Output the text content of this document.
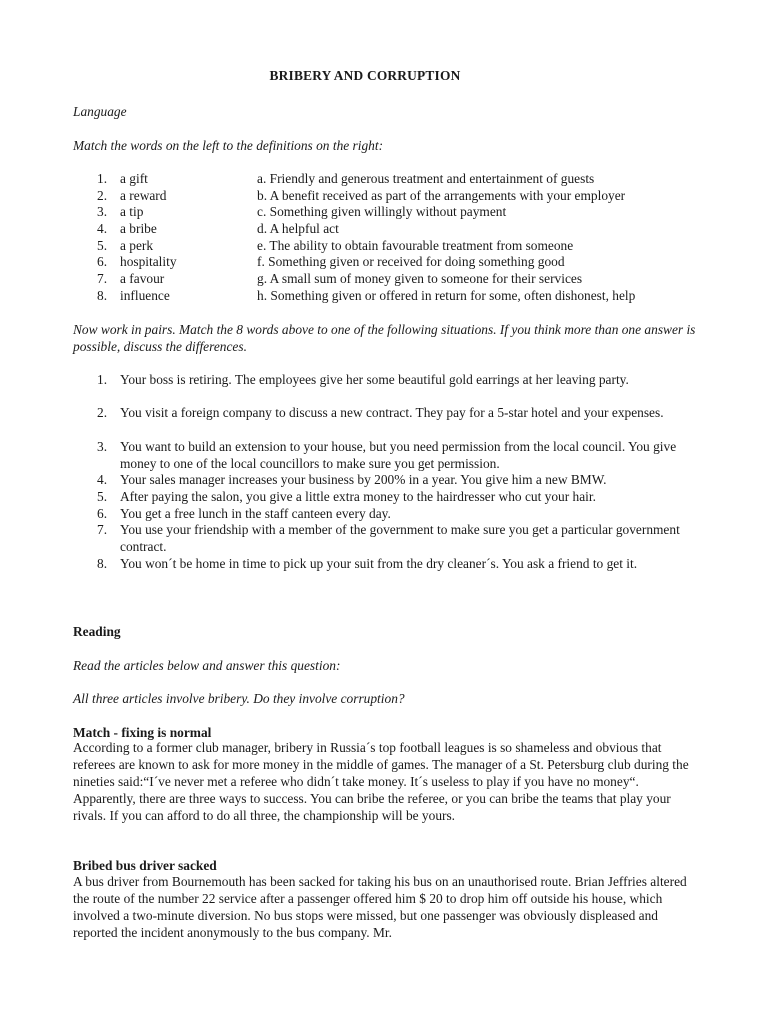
BRIBERY AND CORRUPTION
Language
Match the words on the left to the definitions on the right:
1. a gift	a. Friendly and generous treatment and entertainment of guests
2. a reward	b. A benefit received as part of the arrangements with your employer
3. a tip	c. Something given willingly without payment
4. a bribe	d. A helpful act
5. a perk	e. The ability to obtain favourable treatment from someone
6. hospitality	f. Something given or received for doing something good
7. a favour	g. A small sum of money given to someone for their services
8. influence	h. Something given or offered in return for some, often dishonest, help
Now work in pairs. Match the 8 words above to one of the following situations. If you think more than one answer is possible, discuss the differences.
1. Your boss is retiring. The employees give her some beautiful gold earrings at her leaving party.
2. You visit a foreign company to discuss a new contract. They pay for a 5-star hotel and your expenses.
3. You want to build an extension to your house, but you need permission from the local council. You give money to one of the local councillors to make sure you get permission.
4. Your sales manager increases your business by 200% in a year. You give him a new BMW.
5. After paying the salon, you give a little extra money to the hairdresser who cut your hair.
6. You get a free lunch in the staff canteen every day.
7. You use your friendship with a member of the government to make sure you get a particular government contract.
8. You won´t be home in time to pick up your suit from the dry cleaner´s. You ask a friend to get it.
Reading
Read the articles below and answer this question:
All three articles involve bribery. Do they involve corruption?
Match - fixing is normal
According to a former club manager, bribery in Russia´s top football leagues is so shameless and obvious that referees are known to ask for more money in the middle of games. The manager of a St. Petersburg club during the nineties said:“I´ve never met a referee who didn´t take money. It´s useless to play if you have no money“. Apparently, there are three ways to success. You can bribe the referee, or you can bribe the teams that play your rivals. If you can afford to do all three, the championship will be yours.
Bribed bus driver sacked
A bus driver from Bournemouth has been sacked for taking his bus on an unauthorised route. Brian Jeffries altered the route of the number 22 service after a passenger offered him $ 20 to drop him off outside his house, which involved a two-minute diversion. No bus stops were missed, but one passenger was obviously displeased and reported the incident anonymously to the bus company. Mr.
